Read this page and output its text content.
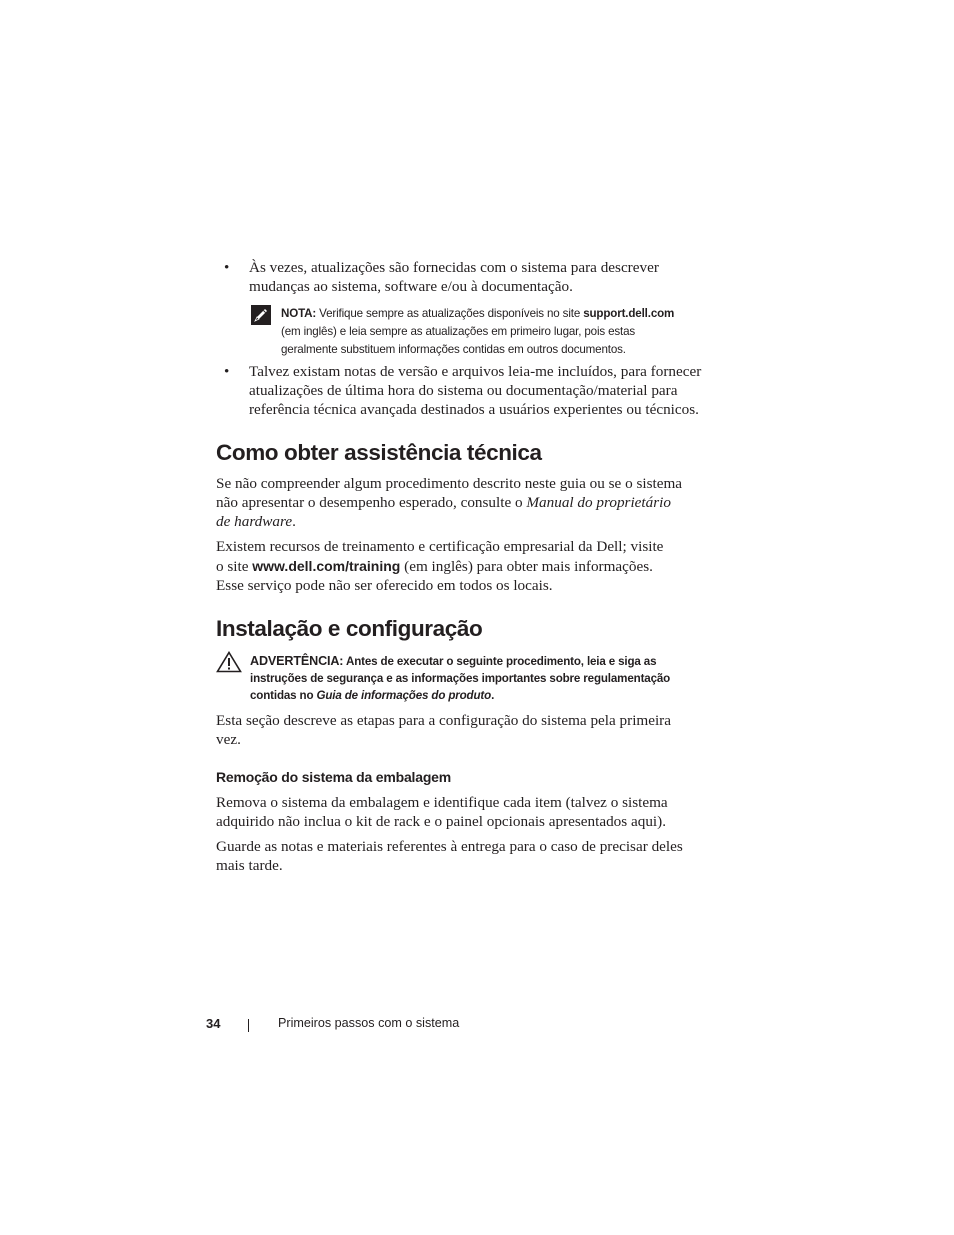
•	Às vezes, atualizações são fornecidas com o sistema para descrever
mudanças ao sistema, software e/ou à documentação.
NOTA: Verifique sempre as atualizações disponíveis no site support.dell.com
(em inglês) e leia sempre as atualizações em primeiro lugar, pois estas
geralmente substituem informações contidas em outros documentos.
•	Talvez existam notas de versão e arquivos leia-me incluídos, para fornecer
atualizações de última hora do sistema ou documentação/material para
referência técnica avançada destinados a usuários experientes ou técnicos.
Como obter assistência técnica
Se não compreender algum procedimento descrito neste guia ou se o sistema
não apresentar o desempenho esperado, consulte o Manual do proprietário
de hardware.
Existem recursos de treinamento e certificação empresarial da Dell; visite
o site www.dell.com/training (em inglês) para obter mais informações.
Esse serviço pode não ser oferecido em todos os locais.
Instalação e configuração
ADVERTÊNCIA: Antes de executar o seguinte procedimento, leia e siga as
instruções de segurança e as informações importantes sobre regulamentação
contidas no Guia de informações do produto.
Esta seção descreve as etapas para a configuração do sistema pela primeira
vez.
Remoção do sistema da embalagem
Remova o sistema da embalagem e identifique cada item (talvez o sistema
adquirido não inclua o kit de rack e o painel opcionais apresentados aqui).
Guarde as notas e materiais referentes à entrega para o caso de precisar deles
mais tarde.
34	Primeiros passos com o sistema
